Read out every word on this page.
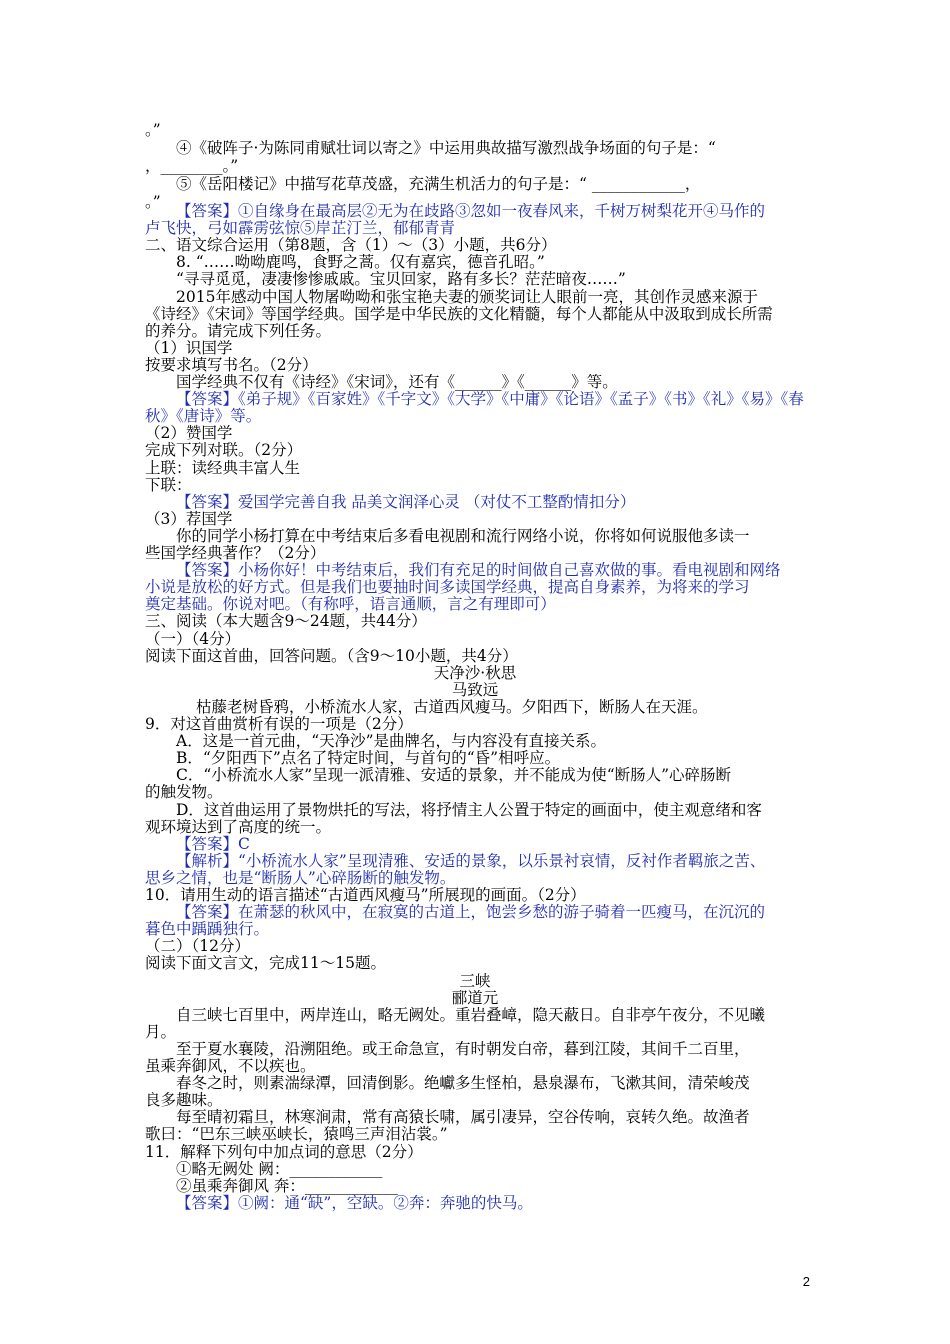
。”
④《破阵子·为陈同甫赋壮词以寄之》中运用典故描写激烈战争场面的句子是：“
，________。”
⑤《岳阳楼记》中描写花草茂盛，充满生机活力的句子是：“ ____________，
。” 【答案】①自缘身在最高层②无为在歧路③忽如一夜春风来，千树万树梨花开④马作的
卢飞快，弓如霹雳弦惊⑤岸芷汀兰，郁郁青青
二、语文综合运用（第8题，含（1）～（3）小题，共6分）
8. “……呦呦鹿鸣，食野之蒿。仅有嘉宾，德音孔昭。”
“寻寻觅觅，凄凄惨惨戚戚。宝贝回家，路有多长？茫茫暗夜……”
2015年感动中国人物屠呦呦和张宝艳夫妻的颁奖词让人眼前一亮，其创作灵感来源于
《诗经》《宋词》等国学经典。国学是中华民族的文化精髓，每个人都能从中汲取到成长所需
的养分。请完成下列任务。
（1）识国学
按要求填写书名。（2分）
国学经典不仅有《诗经》《宋词》，还有《______》《______》等。
【答案】《弟子规》《百家姓》《千字文》《大学》《中庸》《论语》《孟子》《书》《礼》《易》《春
秋》《唐诗》等。
（2）赞国学
完成下列对联。（2分）
上联：读经典丰富人生
下联：
【答案】爱国学完善自我 品美文润泽心灵 （对仗不工整酌情扣分）
（3）荐国学
你的同学小杨打算在中考结束后多看电视剧和流行网络小说，你将如何说服他多读一
些国学经典著作？（2分）
【答案】小杨你好！中考结束后，我们有充足的时间做自己喜欢做的事。看电视剧和网络
小说是放松的好方式。但是我们也要抽时间多读国学经典，提高自身素养，为将来的学习
奠定基础。你说对吧。（有称呼，语言通顺，言之有理即可）
三、阅读（本大题含9～24题，共44分）
（一）（4分）
阅读下面这首曲，回答问题。（含9～10小题，共4分）
天净沙·秋思
马致远
枯藤老树昏鸦，小桥流水人家，古道西风瘦马。夕阳西下，断肠人在天涯。
9．对这首曲赏析有误的一项是（2分）
A．这是一首元曲，“天净沙”是曲牌名，与内容没有直接关系。
B．“夕阳西下”点名了特定时间，与首句的“昏”相呼应。
C．“小桥流水人家”呈现一派清雅、安适的景象，并不能成为使“断肠人”心碎肠断
的触发物。
D．这首曲运用了景物烘托的写法，将抒情主人公置于特定的画面中，使主观意绪和客
观环境达到了高度的统一。
【答案】C
【解析】“小桥流水人家”呈现清雅、安适的景象，以乐景衬哀情，反衬作者羁旅之苦、
思乡之情，也是“断肠人”心碎肠断的触发物。
10．请用生动的语言描述“古道西风瘦马”所展现的画面。（2分）
【答案】在萧瑟的秋风中，在寂寞的古道上，饱尝乡愁的游子骑着一匹瘦马，在沉沉的
暮色中踽踽独行。
（二）（12分）
阅读下面文言文，完成11～15题。
三峡
郦道元
自三峡七百里中，两岸连山，略无阙处。重岩叠嶂，隐天蔽日。自非亭午夜分，不见曦
月。
至于夏水襄陵，沿溯阻绝。或王命急宣，有时朝发白帝，暮到江陵，其间千二百里，
虽乘奔御风，不以疾也。
春冬之时，则素湍绿潭，回清倒影。绝巘多生怪柏，悬泉瀑布，飞漱其间，清荣峻茂
良多趣味。
每至晴初霜旦，林寒涧肃，常有高猿长啸，属引凄异，空谷传响，哀转久绝。故渔者
歌曰：“巴东三峡巫峡长，猿鸣三声泪沾裳。”
11．解释下列句中加点词的意思（2分）
①略无阙处 阙：____________
②虽乘奔御风 奔：____________
【答案】①阙：通“缺”，空缺。②奔：奔驰的快马。
2
